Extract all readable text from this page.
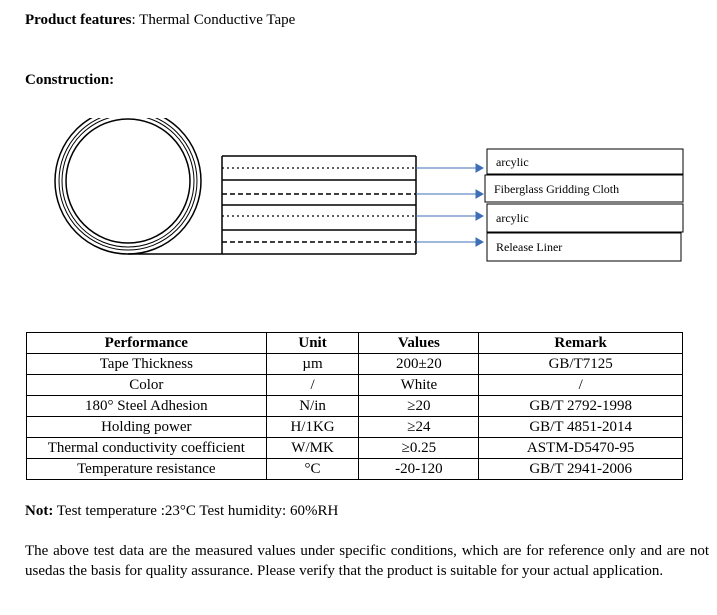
Product features: Thermal Conductive Tape
Construction:
arcylic
Fiberglass Gridding Cloth
arcylic
Release Liner
Performance	Unit	Values	Remark
Tape Thickness	µm	200±20	GB/T7125
Color	/	White	/
180° Steel Adhesion	N/in	≥20	GB/T 2792-1998
Holding power	H/1KG	≥24	GB/T 4851-2014
Thermal conductivity coefficient	W/MK	≥0.25	ASTM-D5470-95
Temperature resistance	°C	-20-120	GB/T 2941-2006
Not: Test temperature :23°C Test humidity: 60%RH
The above test data are the measured values under specific conditions, which are for reference only and are not usedas the basis for quality assurance. Please verify that the product is suitable for your actual application.
